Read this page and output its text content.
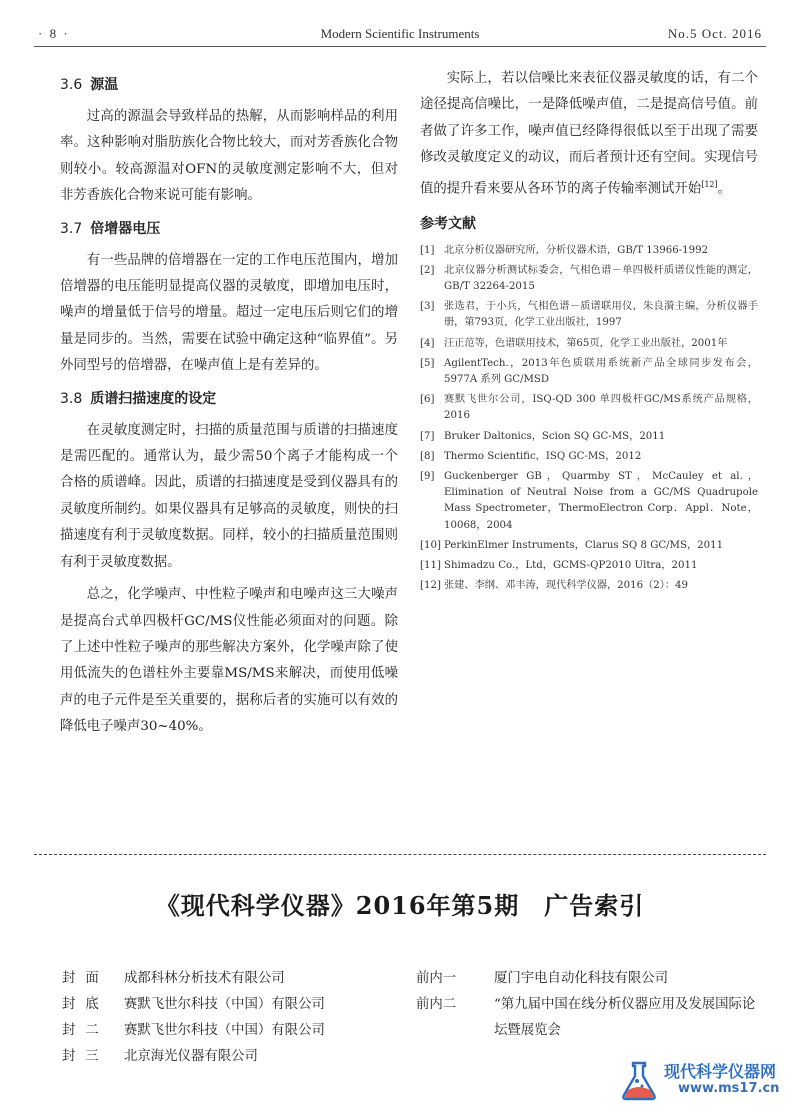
· 8 ·	Modern Scientific Instruments	No.5 Oct. 2016
3.6 源温

过高的源温会导致样品的热解，从而影响样品的利用率。这种影响对脂肪族化合物比较大，而对芳香族化合物则较小。较高源温对OFN的灵敏度测定影响不大，但对非芳香族化合物来说可能有影响。

3.7 倍增器电压

有一些品牌的倍增器在一定的工作电压范围内，增加倍增器的电压能明显提高仪器的灵敏度，即增加电压时，噪声的增量低于信号的增量。超过一定电压后则它们的增量是同步的。当然，需要在试验中确定这种“临界值”。另外同型号的倍增器，在噪声值上是有差异的。

3.8 质谱扫描速度的设定

在灵敏度测定时，扫描的质量范围与质谱的扫描速度是需匹配的。通常认为，最少需50个离子才能构成一个合格的质谱峰。因此，质谱的扫描速度是受到仪器具有的灵敏度所制约。如果仪器具有足够高的灵敏度，则快的扫描速度有利于灵敏度数据。同样，较小的扫描质量范围则有利于灵敏度数据。

总之，化学噪声、中性粒子噪声和电噪声这三大噪声是提高台式单四极杆GC/MS仪性能必须面对的问题。除了上述中性粒子噪声的那些解决方案外，化学噪声除了使用低流失的色谱柱外主要靠MS/MS来解决，而使用低噪声的电子元件是至关重要的，据称后者的实施可以有效的降低电子噪声30~40%。

实际上，若以信噪比来表征仪器灵敏度的话，有二个途径提高信噪比，一是降低噪声值，二是提高信号值。前者做了许多工作，噪声值已经降得很低以至于出现了需要修改灵敏度定义的动议，而后者预计还有空间。实现信号值的提升看来要从各环节的离子传输率测试开始[12]。

参考文献
[1] 北京分析仪器研究所，分析仪器术语，GB/T 13966-1992
[2] 北京仪器分析测试标委会，气相色谱－单四极杆质谱仪性能的测定，GB/T 32264-2015
[3] 张选君，于小兵，气相色谱－质谱联用仪，朱良漪主编，分析仪器手册，第793页，化学工业出版社，1997
[4] 汪正范等，色谱联用技术，第65页，化学工业出版社，2001年
[5] AgilentTech.，2013年色质联用系统新产品全球同步发布会，5977A 系列 GC/MSD
[6] 赛默飞世尔公司，ISQ-QD 300 单四极杆GC/MS系统产品规格，2016
[7] Bruker Daltonics，Scion SQ GC-MS，2011
[8] Thermo Scientific，ISQ GC-MS，2012
[9] Guckenberger GB，Quarmby ST，McCauley et al.，Elimination of Neutral Noise from a GC/MS Quadrupole Mass Spectrometer，ThermoElectron Corp．Appl．Note，10068，2004
[10] PerkinElmer Instruments，Clarus SQ 8 GC/MS，2011
[11] Shimadzu Co.，Ltd，GCMS-QP2010 Ultra，2011
[12] 张建、李纲、邓丰涛，现代科学仪器，2016（2）：49
《现代科学仪器》2016年第5期　广告索引
封面	成都科林分析技术有限公司
封底	赛默飞世尔科技（中国）有限公司
封二	赛默飞世尔科技（中国）有限公司
封三	北京海光仪器有限公司
前内一	厦门宇电自动化科技有限公司
前内二	“第九届中国在线分析仪器应用及发展国际论坛暨展览会
现代科学仪器网
www.ms17.cn
